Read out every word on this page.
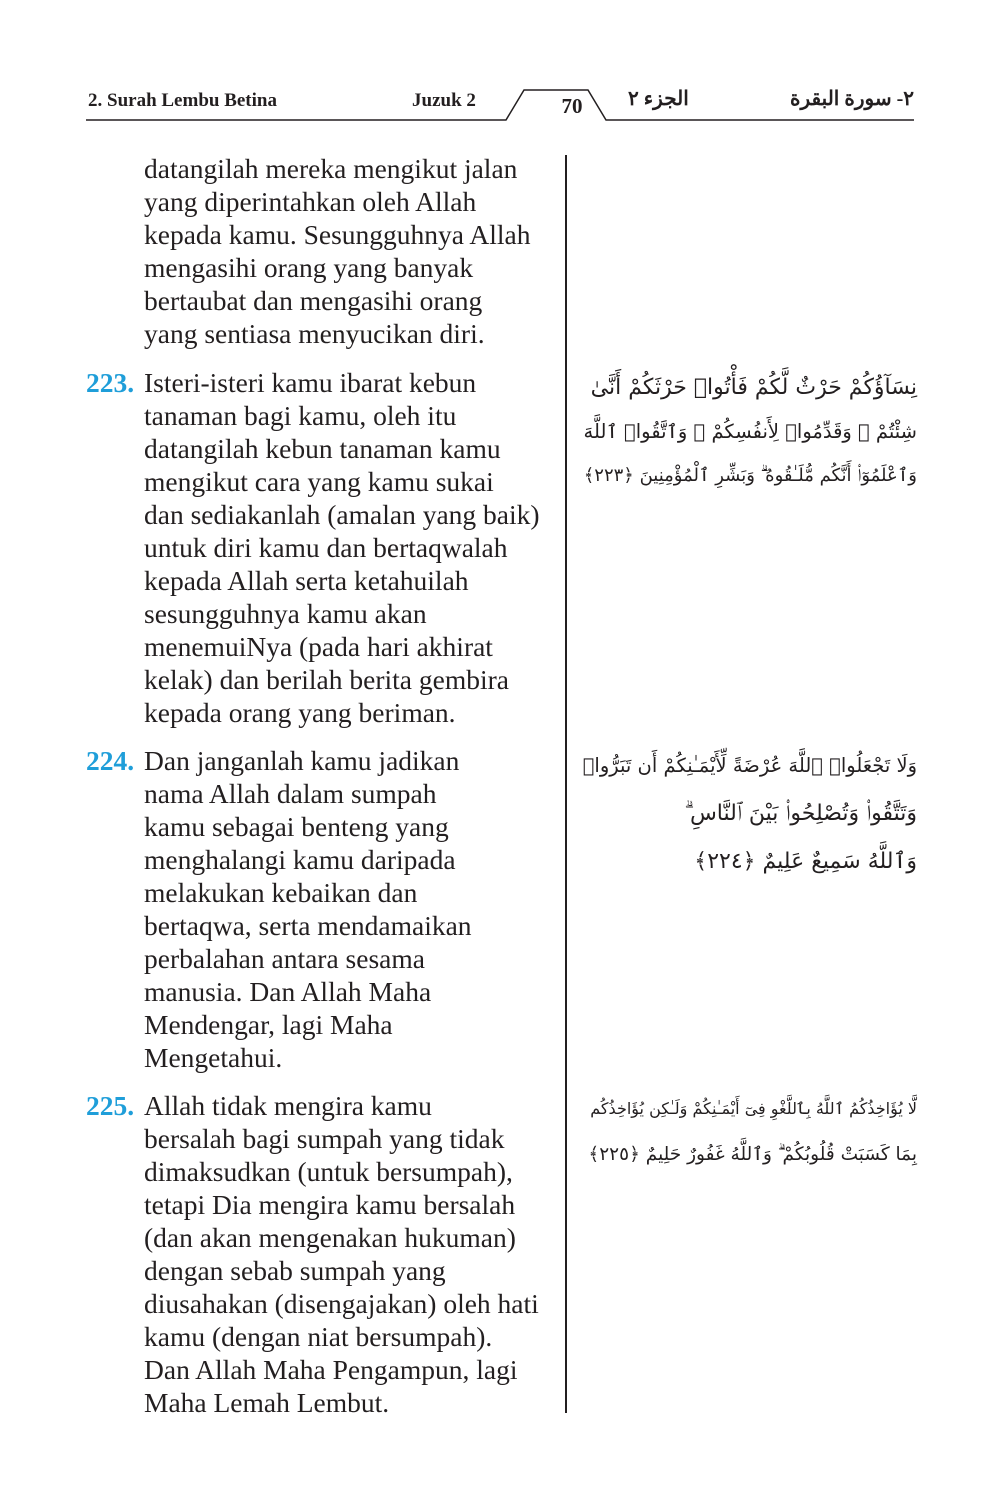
2. Surah Lembu Betina	Juzuk 2	70	الجزء ٢	٢- سورة البقرة
datangilah mereka mengikut jalan
yang diperintahkan oleh Allah
kepada kamu. Sesungguhnya Allah
mengasihi orang yang banyak
bertaubat dan mengasihi orang
yang sentiasa menyucikan diri.
223. Isteri-isteri kamu ibarat kebun
tanaman bagi kamu, oleh itu
datangilah kebun tanaman kamu
mengikut cara yang kamu sukai
dan sediakanlah (amalan yang baik)
untuk diri kamu dan bertaqwalah
kepada Allah serta ketahuilah
sesungguhnya kamu akan
menemuiNya (pada hari akhirat
kelak) dan berilah berita gembira
kepada orang yang beriman.
نِسَآؤُكُمْ حَرْثٌ لَّكُمْ فَأْتُوا۟ حَرْثَكُمْ أَنَّىٰ
شِئْتُمْ ۖ وَقَدِّمُوا۟ لِأَنفُسِكُمْ ۚ وَٱتَّقُوا۟ ٱللَّهَ
وَٱعْلَمُوٓا۟ أَنَّكُم مُّلَـٰقُوهُ ۗ وَبَشِّرِ ٱلْمُؤْمِنِينَ ﴿٢٢٣﴾
224. Dan janganlah kamu jadikan
nama Allah dalam sumpah
kamu sebagai benteng yang
menghalangi kamu daripada
melakukan kebaikan dan
bertaqwa, serta mendamaikan
perbalahan antara sesama
manusia. Dan Allah Maha
Mendengar, lagi Maha
Mengetahui.
وَلَا تَجْعَلُوا۟ ٱللَّهَ عُرْضَةً لِّأَيْمَـٰنِكُمْ أَن تَبَرُّوا۟
وَتَتَّقُوا۟ وَتُصْلِحُوا۟ بَيْنَ ٱلنَّاسِ ۗ
وَٱللَّهُ سَمِيعٌ عَلِيمٌ ﴿٢٢٤﴾
225. Allah tidak mengira kamu
bersalah bagi sumpah yang tidak
dimaksudkan (untuk bersumpah),
tetapi Dia mengira kamu bersalah
(dan akan mengenakan hukuman)
dengan sebab sumpah yang
diusahakan (disengajakan) oleh hati
kamu (dengan niat bersumpah).
Dan Allah Maha Pengampun, lagi
Maha Lemah Lembut.
لَّا يُؤَاخِذُكُمُ ٱللَّهُ بِٱللَّغْوِ فِىٓ أَيْمَـٰنِكُمْ وَلَـٰكِن يُؤَاخِذُكُم
بِمَا كَسَبَتْ قُلُوبُكُمْ ۗ وَٱللَّهُ غَفُورٌ حَلِيمٌ ﴿٢٢٥﴾
